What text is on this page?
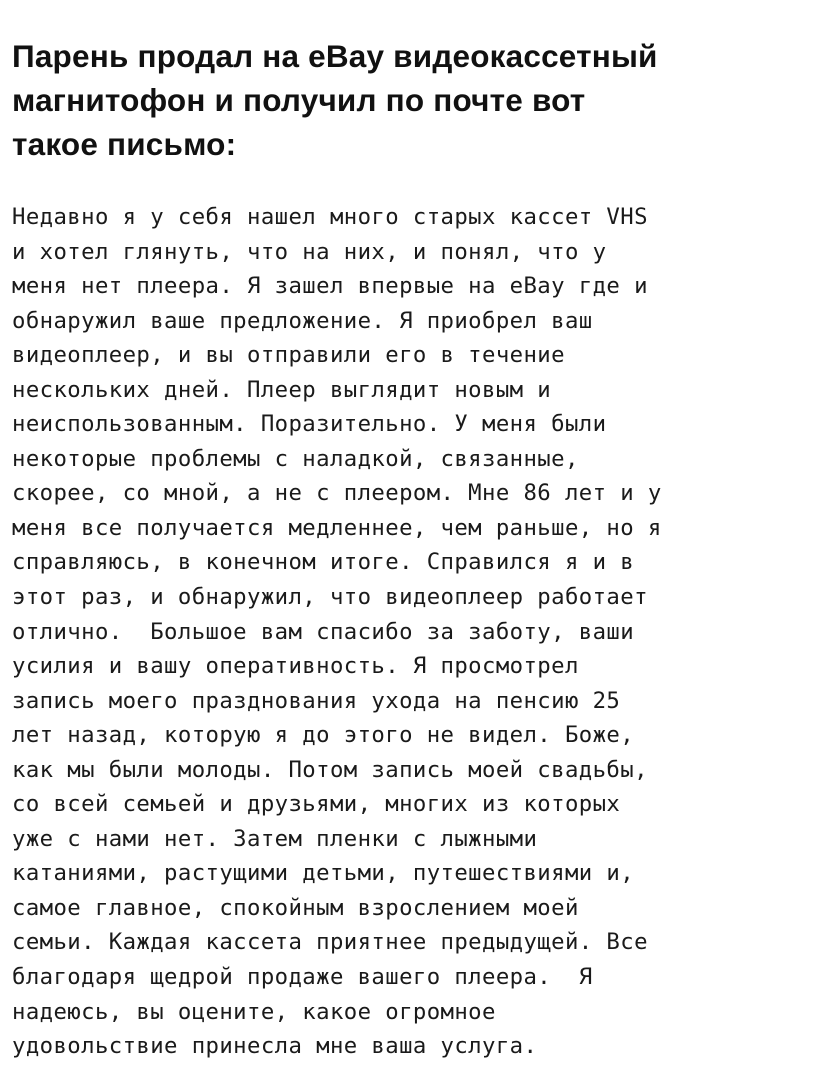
Парень продал на eBay видеокассетный
магнитофон и получил по почте вот
такое письмо:
Недавно я у себя нашел много старых кассет VHS
и хотел глянуть, что на них, и понял, что у
меня нет плеера. Я зашел впервые на eBay где и
обнаружил ваше предложение. Я приобрел ваш
видеоплеер, и вы отправили его в течение
нескольких дней. Плеер выглядит новым и
неиспользованным. Поразительно. У меня были
некоторые проблемы с наладкой, связанные,
скорее, со мной, а не с плеером. Мне 86 лет и у
меня все получается медленнее, чем раньше, но я
справляюсь, в конечном итоге. Справился я и в
этот раз, и обнаружил, что видеоплеер работает
отлично.  Большое вам спасибо за заботу, ваши
усилия и вашу оперативность. Я просмотрел
запись моего празднования ухода на пенсию 25
лет назад, которую я до этого не видел. Боже,
как мы были молоды. Потом запись моей свадьбы,
со всей семьей и друзьями, многих из которых
уже с нами нет. Затем пленки с лыжными
катаниями, растущими детьми, путешествиями и,
самое главное, спокойным взрослением моей
семьи. Каждая кассета приятнее предыдущей. Все
благодаря щедрой продаже вашего плеера.  Я
надеюсь, вы оцените, какое огромное
удовольствие принесла мне ваша услуга.
